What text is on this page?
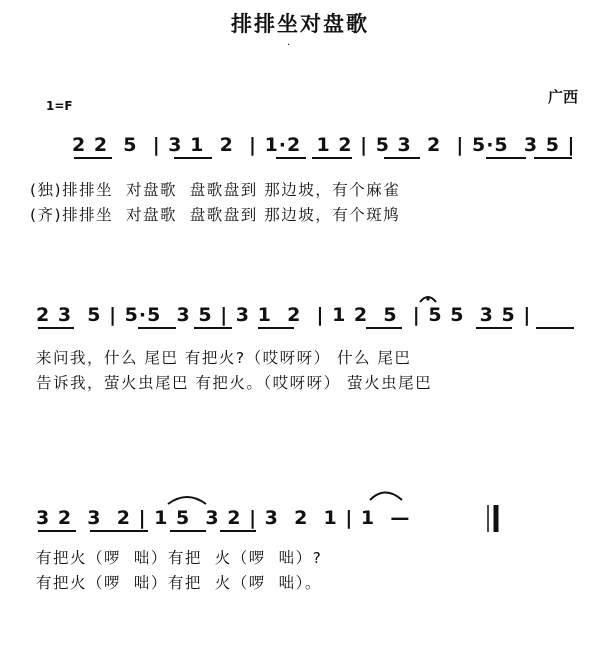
排排坐对盘歌
·
1=F	广西
2 2  5  | 3 1  2  | 1·2  1 2 | 5 3  2  | 5·5  3 5 |
(独)排排坐  对盘歌  盘歌盘到 那边坡，有个麻雀
(齐)排排坐  对盘歌  盘歌盘到 那边坡，有个斑鸠
2 3  5 | 5·5  3 5 | 3 1  2  | 1 2  5  | 5 5  3 5 |
来问我，什么 尾巴 有把火?（哎呀呀） 什么 尾巴
告诉我，萤火虫尾巴 有把火。（哎呀呀） 萤火虫尾巴
3 2  3  2 | 1 5  3 2 | 3  2  1 | 1  —
有把火（啰  咄）有把  火（啰  咄）?
有把火（啰  咄）有把  火（啰  咄）。
